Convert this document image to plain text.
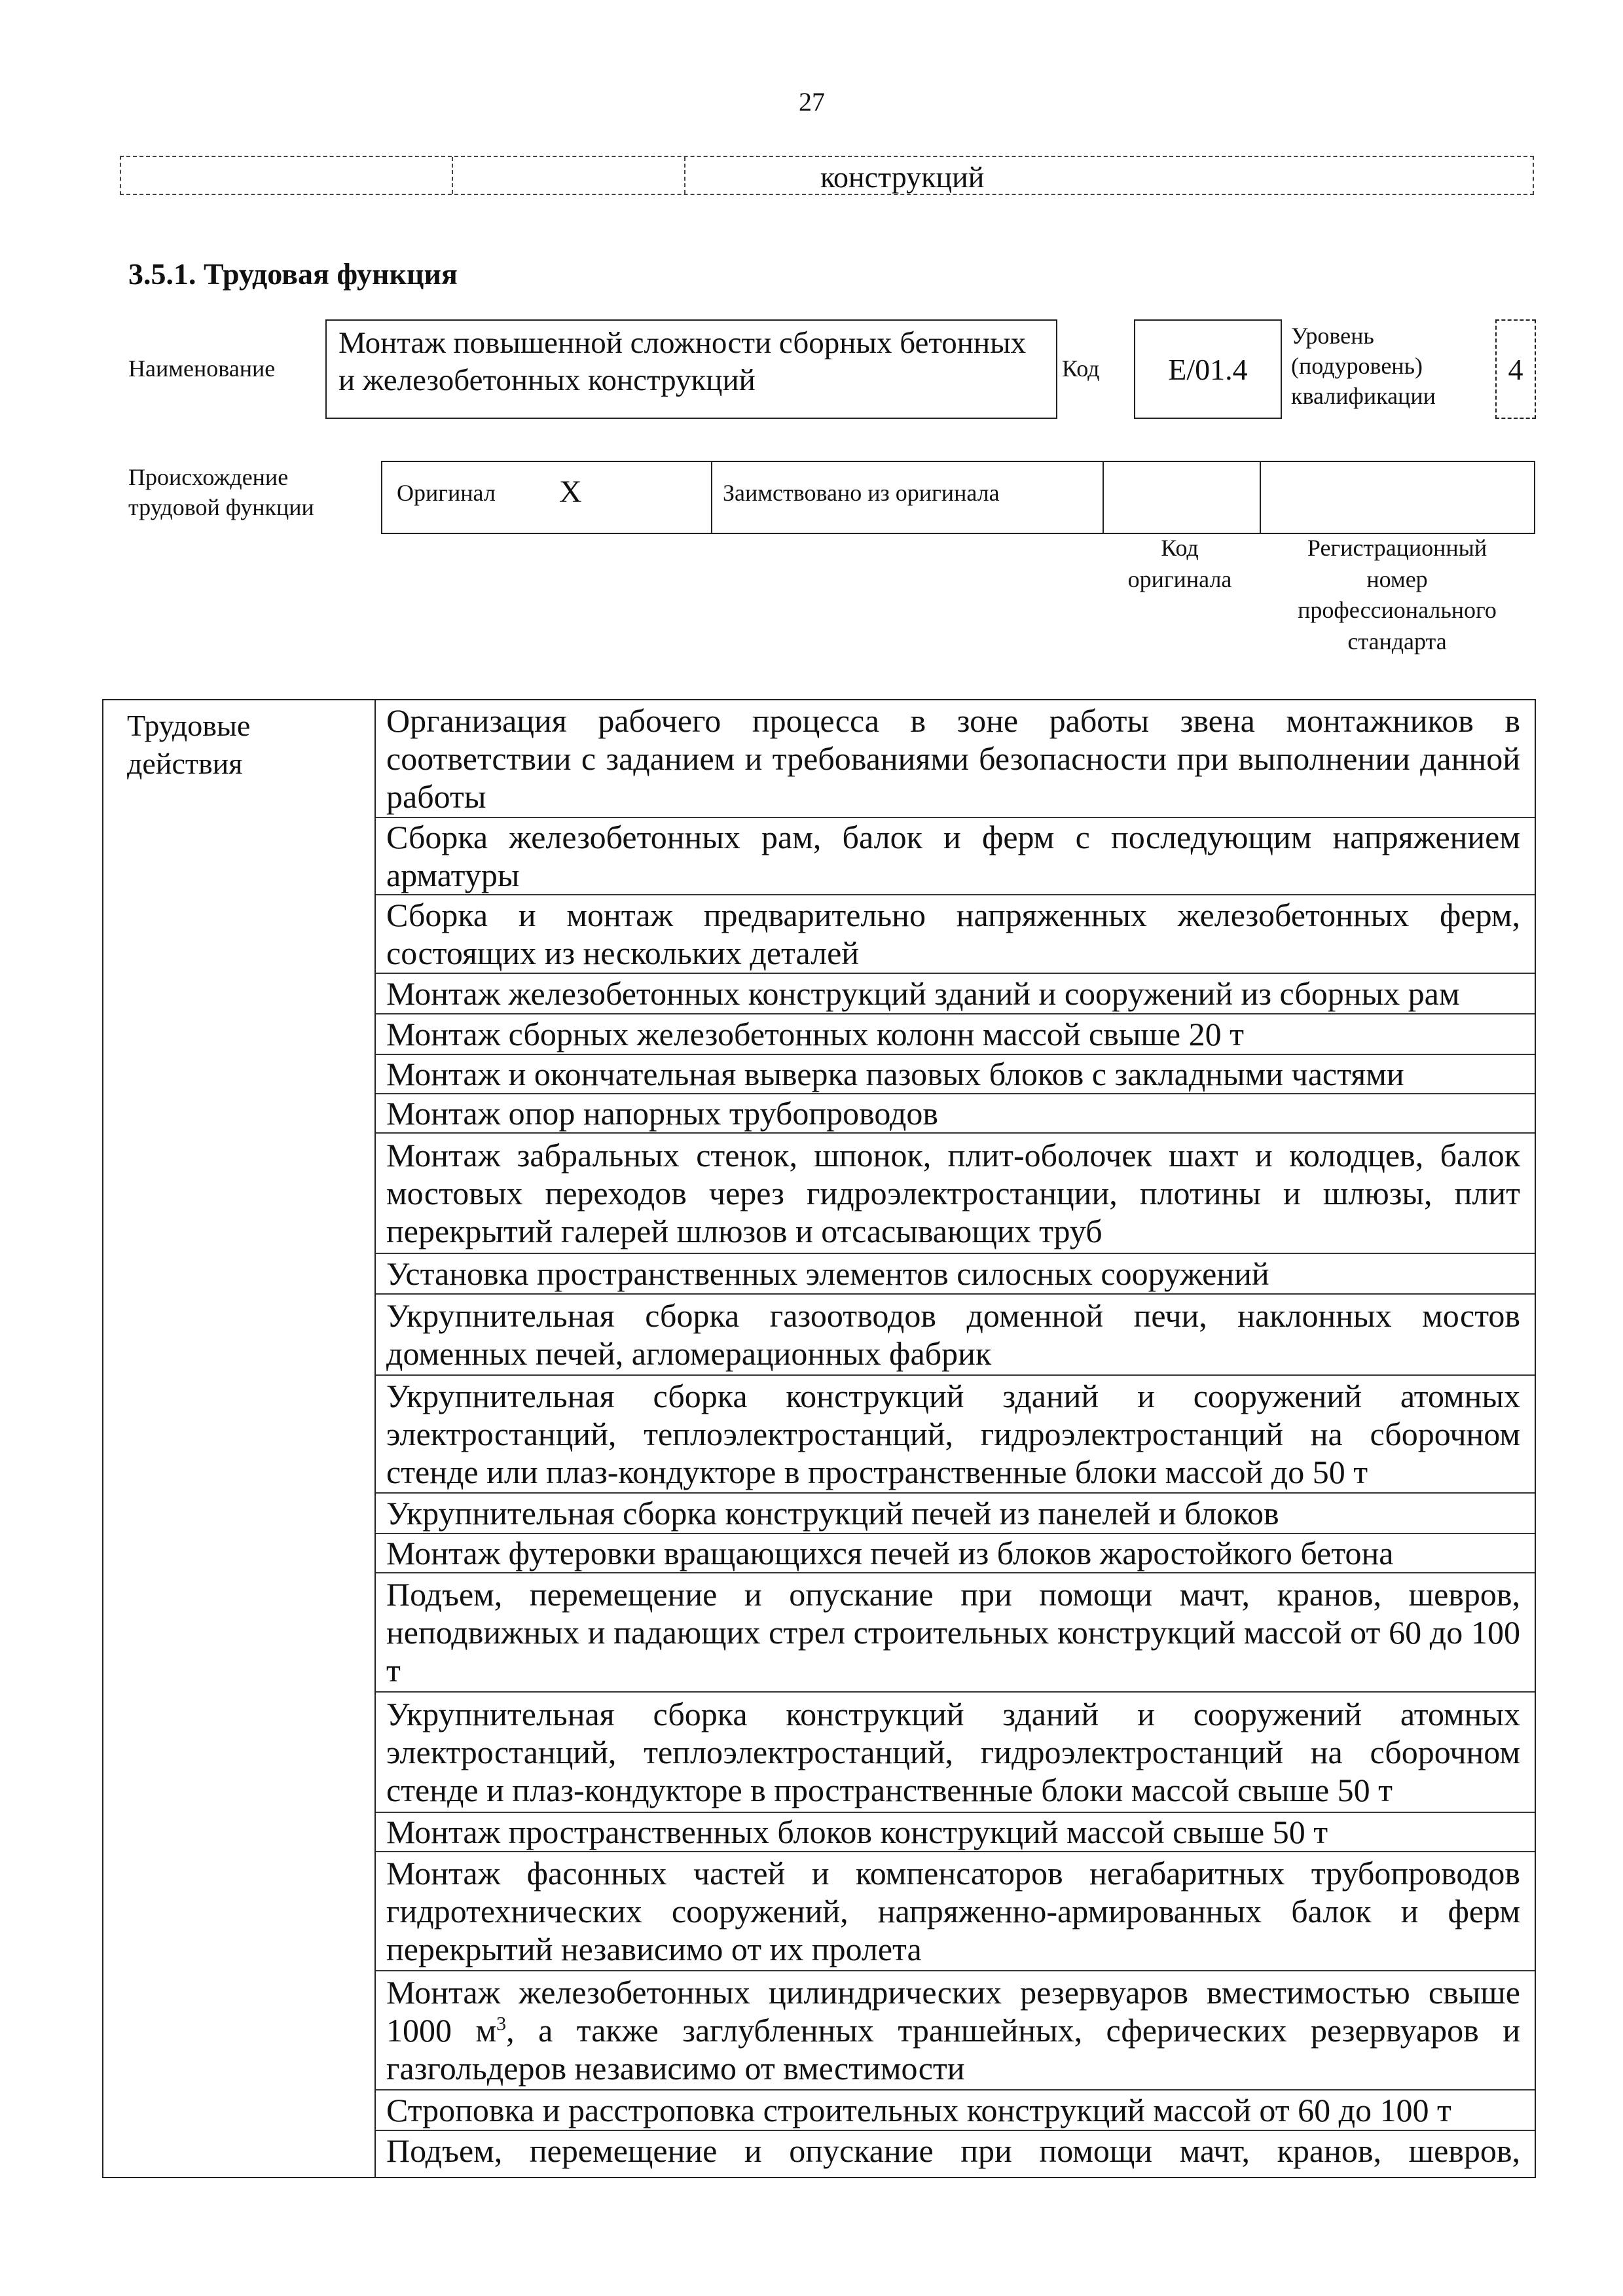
27
конструкций
3.5.1. Трудовая функция
Наименование
Монтаж повышенной сложности сборных бетонных и железобетонных конструкций	Код Е/01.4
Уровень
(подуровень)
квалификации
4
Происхождение
трудовой функции
Оригинал X	Заимствовано из оригинала
Код
оригинала
Регистрационный
номер
профессионального
стандарта
Трудовые
действия
Организация рабочего процесса в зоне работы звена монтажников в соответствии с заданием и требованиями безопасности при выполнении данной работы
Сборка железобетонных рам, балок и ферм с последующим напряжением арматуры
Сборка и монтаж предварительно напряженных железобетонных ферм, состоящих из нескольких деталей
Монтаж железобетонных конструкций зданий и сооружений из сборных рам
Монтаж сборных железобетонных колонн массой свыше 20 т
Монтаж и окончательная выверка пазовых блоков с закладными частями
Монтаж опор напорных трубопроводов
Монтаж забральных стенок, шпонок, плит-оболочек шахт и колодцев, балок мостовых переходов через гидроэлектростанции, плотины и шлюзы, плит перекрытий галерей шлюзов и отсасывающих труб
Установка пространственных элементов силосных сооружений
Укрупнительная сборка газоотводов доменной печи, наклонных мостов доменных печей, агломерационных фабрик
Укрупнительная сборка конструкций зданий и сооружений атомных электростанций, теплоэлектростанций, гидроэлектростанций на сборочном стенде или плаз-кондукторе в пространственные блоки массой до 50 т
Укрупнительная сборка конструкций печей из панелей и блоков
Монтаж футеровки вращающихся печей из блоков жаростойкого бетона
Подъем, перемещение и опускание при помощи мачт, кранов, шевров, неподвижных и падающих стрел строительных конструкций массой от 60 до 100 т
Укрупнительная сборка конструкций зданий и сооружений атомных электростанций, теплоэлектростанций, гидроэлектростанций на сборочном стенде и плаз-кондукторе в пространственные блоки массой свыше 50 т
Монтаж пространственных блоков конструкций массой свыше 50 т
Монтаж фасонных частей и компенсаторов негабаритных трубопроводов гидротехнических сооружений, напряженно-армированных балок и ферм перекрытий независимо от их пролета
Монтаж железобетонных цилиндрических резервуаров вместимостью свыше 1000 $м^3$, а также заглубленных траншейных, сферических резервуаров и газгольдеров независимо от вместимости
Строповка и расстроповка строительных конструкций массой от 60 до 100 т
Подъем, перемещение и опускание при помощи мачт, кранов, шевров,
